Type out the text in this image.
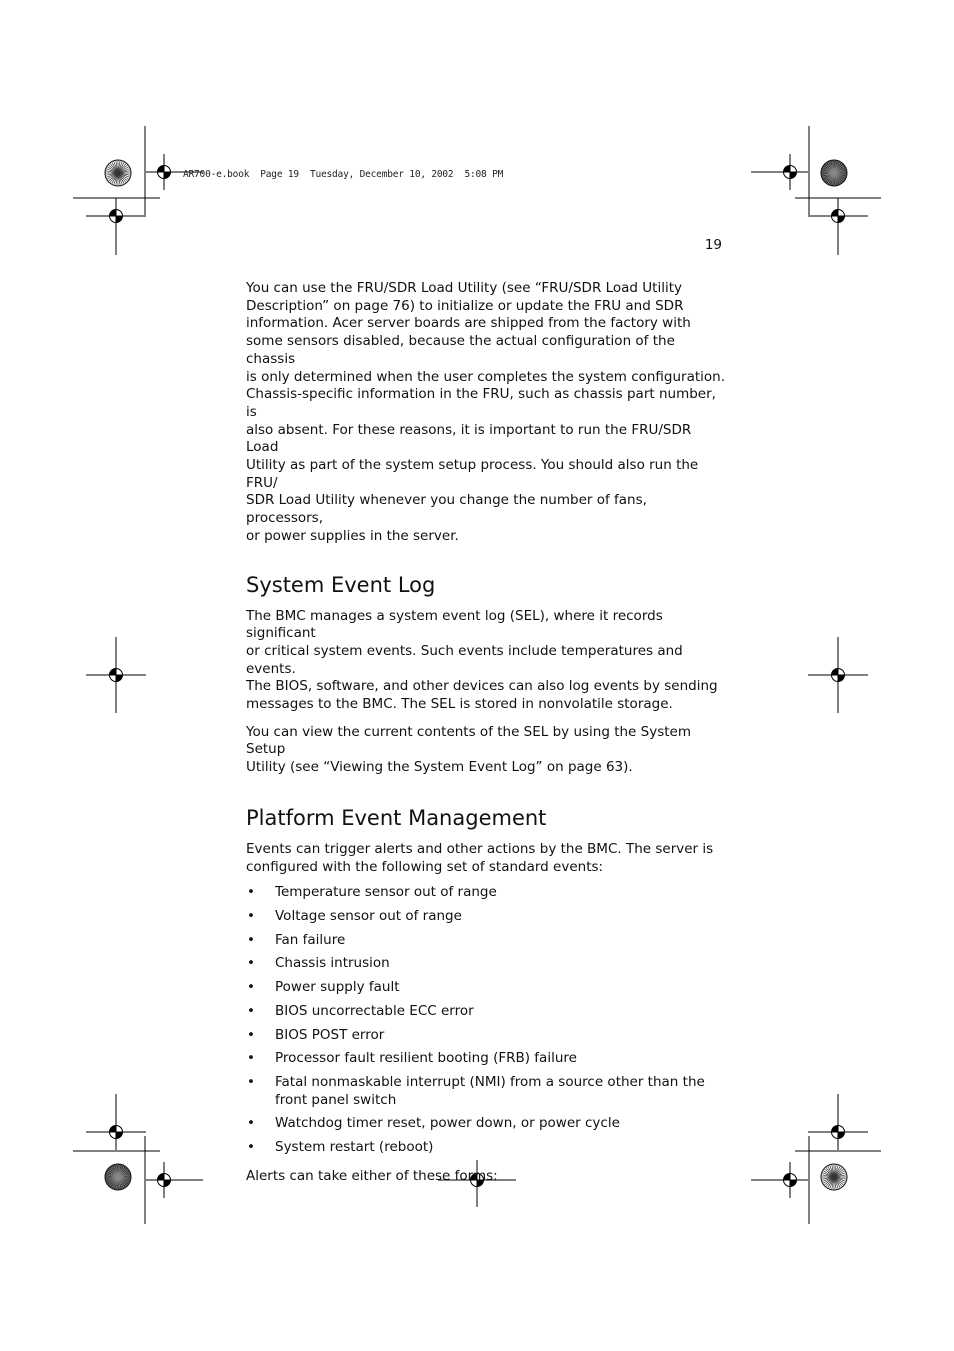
AR700-e.book  Page 19  Tuesday, December 10, 2002  5:08 PM
19

You can use the FRU/SDR Load Utility (see “FRU/SDR Load Utility
Description” on page 76) to initialize or update the FRU and SDR
information. Acer server boards are shipped from the factory with
some sensors disabled, because the actual configuration of the chassis
is only determined when the user completes the system configuration.
Chassis-specific information in the FRU, such as chassis part number, is
also absent. For these reasons, it is important to run the FRU/SDR Load
Utility as part of the system setup process. You should also run the FRU/
SDR Load Utility whenever you change the number of fans, processors,
or power supplies in the server.

System Event Log

The BMC manages a system event log (SEL), where it records significant
or critical system events. Such events include temperatures and events.
The BIOS, software, and other devices can also log events by sending
messages to the BMC. The SEL is stored in nonvolatile storage.

You can view the current contents of the SEL by using the System Setup
Utility (see “Viewing the System Event Log” on page 63).

Platform Event Management

Events can trigger alerts and other actions by the BMC. The server is
configured with the following set of standard events:

• Temperature sensor out of range
• Voltage sensor out of range
• Fan failure
• Chassis intrusion
• Power supply fault
• BIOS uncorrectable ECC error
• BIOS POST error
• Processor fault resilient booting (FRB) failure
• Fatal nonmaskable interrupt (NMI) from a source other than the
front panel switch
• Watchdog timer reset, power down, or power cycle
• System restart (reboot)

Alerts can take either of these forms:
